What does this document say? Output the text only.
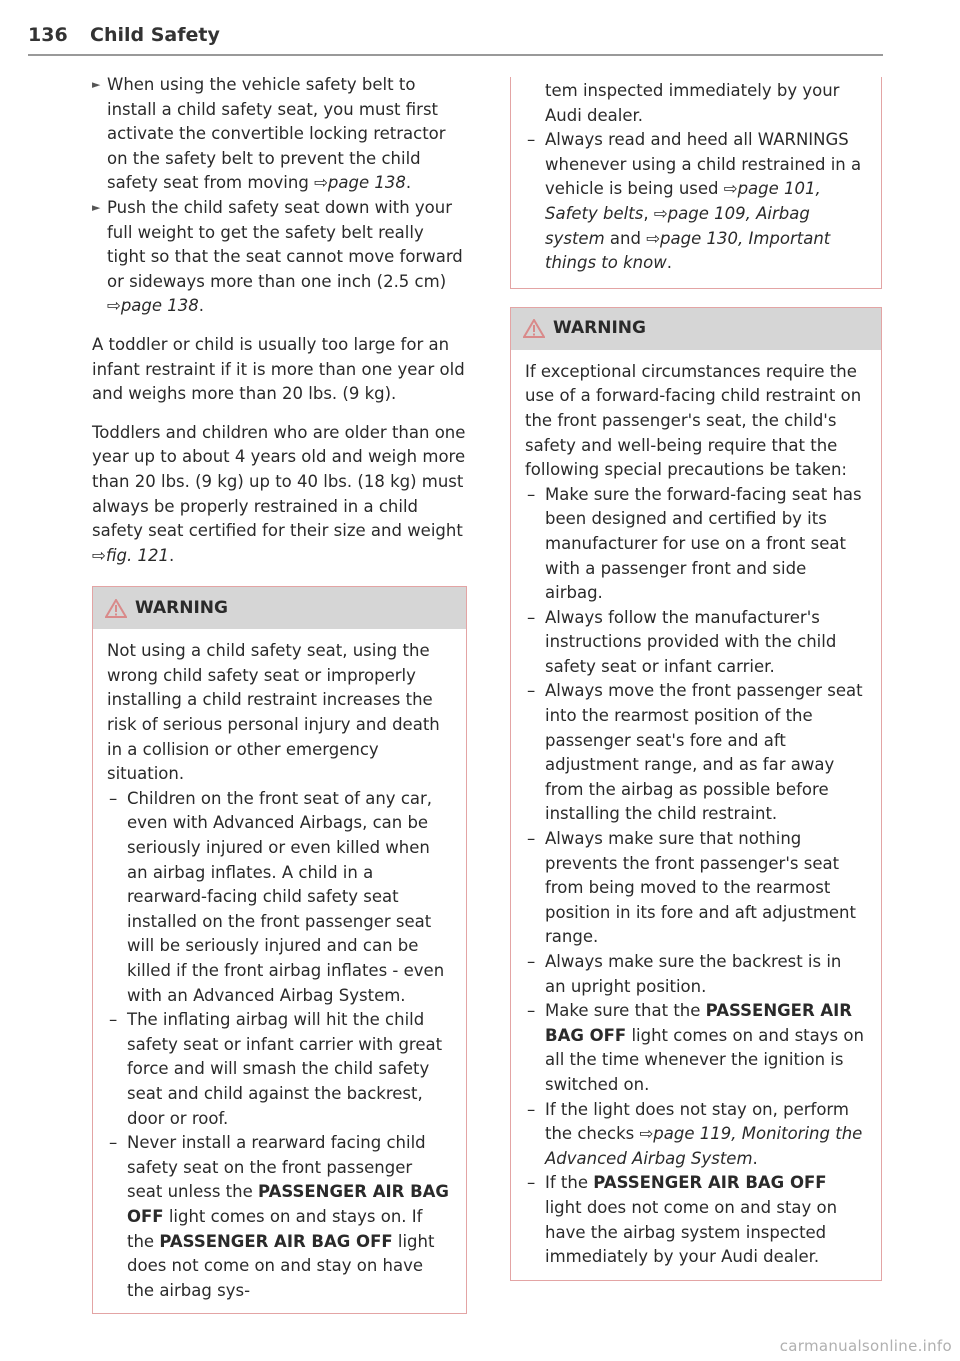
136 Child Safety
► When using the vehicle safety belt to install a child safety seat, you must first activate the convertible locking retractor on the safety belt to prevent the child safety seat from moving ⇨page 138.
► Push the child safety seat down with your full weight to get the safety belt really tight so that the seat cannot move forward or sideways more than one inch (2.5 cm) ⇨page 138.

A toddler or child is usually too large for an infant restraint if it is more than one year old and weighs more than 20 lbs. (9 kg).

Toddlers and children who are older than one year up to about 4 years old and weigh more than 20 lbs. (9 kg) up to 40 lbs. (18 kg) must always be properly restrained in a child safety seat certified for their size and weight ⇨fig. 121.

WARNING
Not using a child safety seat, using the wrong child safety seat or improperly installing a child restraint increases the risk of serious personal injury and death in a collision or other emergency situation.
– Children on the front seat of any car, even with Advanced Airbags, can be seriously injured or even killed when an airbag inflates. A child in a rearward-facing child safety seat installed on the front passenger seat will be seriously injured and can be killed if the front airbag inflates - even with an Advanced Airbag System.
– The inflating airbag will hit the child safety seat or infant carrier with great force and will smash the child safety seat and child against the backrest, door or roof.
– Never install a rearward facing child safety seat on the front passenger seat unless the PASSENGER AIR BAG OFF light comes on and stays on. If the PASSENGER AIR BAG OFF light does not come on and stay on have the airbag sys-
tem inspected immediately by your Audi dealer.
– Always read and heed all WARNINGS whenever using a child restrained in a vehicle is being used ⇨page 101, Safety belts, ⇨page 109, Airbag system and ⇨page 130, Important things to know.
WARNING
If exceptional circumstances require the use of a forward-facing child restraint on the front passenger's seat, the child's safety and well-being require that the following special precautions be taken:
– Make sure the forward-facing seat has been designed and certified by its manufacturer for use on a front seat with a passenger front and side airbag.
– Always follow the manufacturer's instructions provided with the child safety seat or infant carrier.
– Always move the front passenger seat into the rearmost position of the passenger seat's fore and aft adjustment range, and as far away from the airbag as possible before installing the child restraint.
– Always make sure that nothing prevents the front passenger's seat from being moved to the rearmost position in its fore and aft adjustment range.
– Always make sure the backrest is in an upright position.
– Make sure that the PASSENGER AIR BAG OFF light comes on and stays on all the time whenever the ignition is switched on.
– If the light does not stay on, perform the checks ⇨page 119, Monitoring the Advanced Airbag System.
– If the PASSENGER AIR BAG OFF light does not come on and stay on have the airbag system inspected immediately by your Audi dealer.
carmanualsonline.info
